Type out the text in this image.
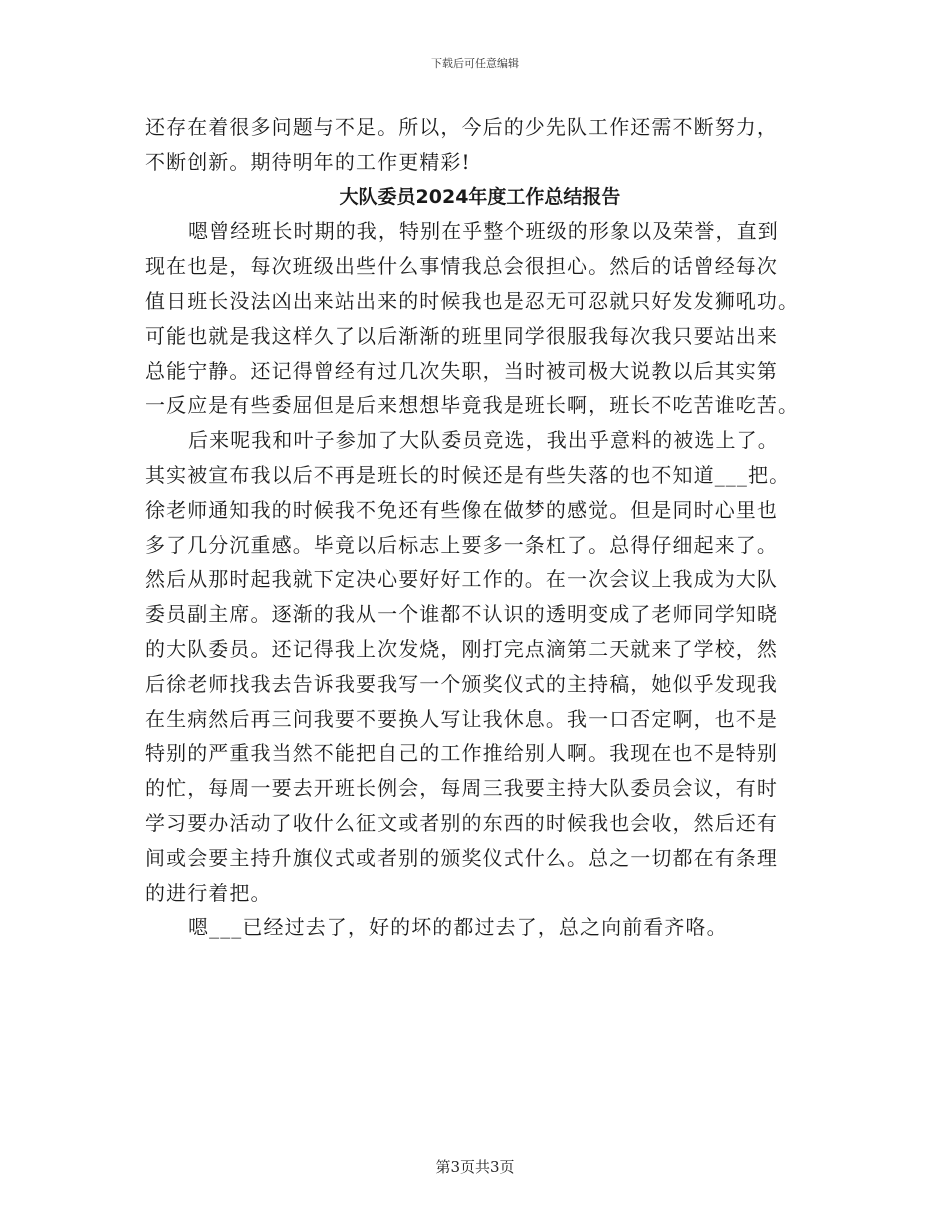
下载后可任意编辑
还存在着很多问题与不足。所以，今后的少先队工作还需不断努力，
不断创新。期待明年的工作更精彩!
大队委员2024年度工作总结报告
嗯曾经班长时期的我，特别在乎整个班级的形象以及荣誉，直到
现在也是，每次班级出些什么事情我总会很担心。然后的话曾经每次
值日班长没法凶出来站出来的时候我也是忍无可忍就只好发发狮吼功。
可能也就是我这样久了以后渐渐的班里同学很服我每次我只要站出来
总能宁静。还记得曾经有过几次失职，当时被司极大说教以后其实第
一反应是有些委屈但是后来想想毕竟我是班长啊，班长不吃苦谁吃苦。
后来呢我和叶子参加了大队委员竞选，我出乎意料的被选上了。
其实被宣布我以后不再是班长的时候还是有些失落的也不知道___把。
徐老师通知我的时候我不免还有些像在做梦的感觉。但是同时心里也
多了几分沉重感。毕竟以后标志上要多一条杠了。总得仔细起来了。
然后从那时起我就下定决心要好好工作的。在一次会议上我成为大队
委员副主席。逐渐的我从一个谁都不认识的透明变成了老师同学知晓
的大队委员。还记得我上次发烧，刚打完点滴第二天就来了学校，然
后徐老师找我去告诉我要我写一个颁奖仪式的主持稿，她似乎发现我
在生病然后再三问我要不要换人写让我休息。我一口否定啊，也不是
特别的严重我当然不能把自己的工作推给别人啊。我现在也不是特别
的忙，每周一要去开班长例会，每周三我要主持大队委员会议，有时
学习要办活动了收什么征文或者别的东西的时候我也会收，然后还有
间或会要主持升旗仪式或者别的颁奖仪式什么。总之一切都在有条理
的进行着把。
嗯___已经过去了，好的坏的都过去了，总之向前看齐咯。
第3页共3页
